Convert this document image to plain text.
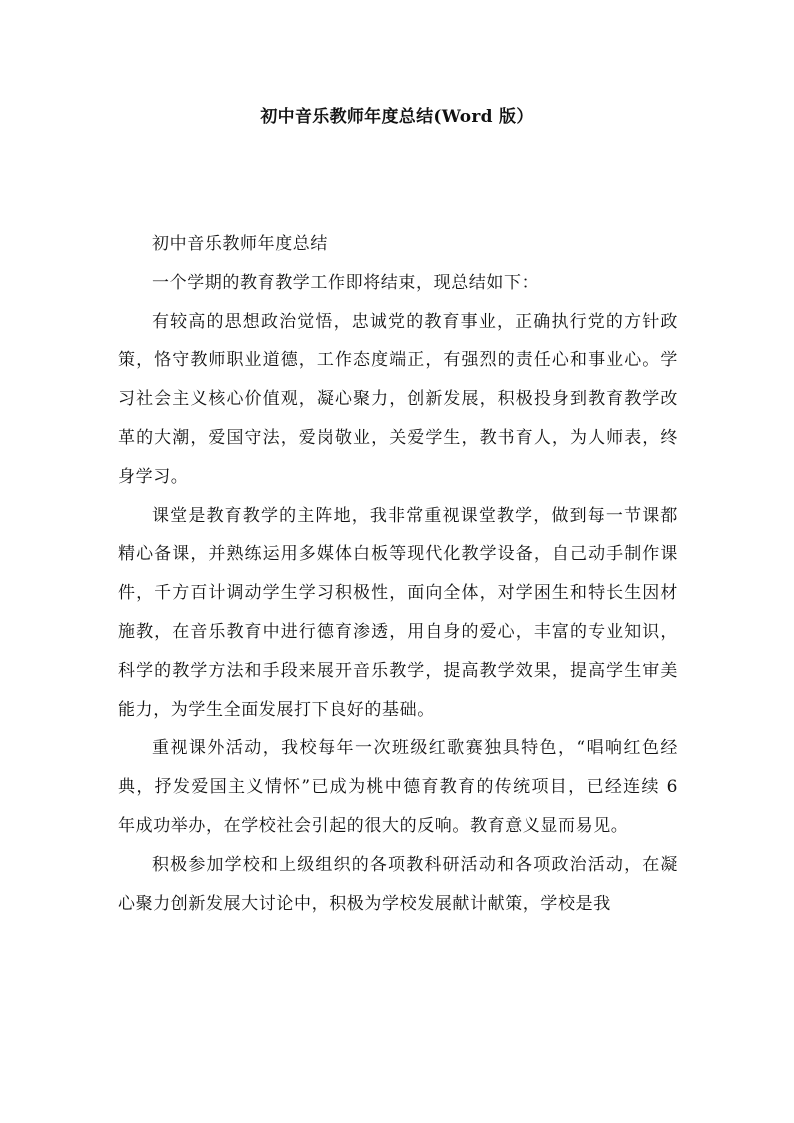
初中音乐教师年度总结(Word 版）

初中音乐教师年度总结

一个学期的教育教学工作即将结束，现总结如下：

有较高的思想政治觉悟，忠诚党的教育事业，正确执行党的方针政策，恪守教师职业道德，工作态度端正，有强烈的责任心和事业心。学习社会主义核心价值观，凝心聚力，创新发展，积极投身到教育教学改革的大潮，爱国守法，爱岗敬业，关爱学生，教书育人，为人师表，终身学习。

课堂是教育教学的主阵地，我非常重视课堂教学，做到每一节课都精心备课，并熟练运用多媒体白板等现代化教学设备，自己动手制作课件，千方百计调动学生学习积极性，面向全体，对学困生和特长生因材施教，在音乐教育中进行德育渗透，用自身的爱心，丰富的专业知识，科学的教学方法和手段来展开音乐教学，提高教学效果，提高学生审美能力，为学生全面发展打下良好的基础。

重视课外活动，我校每年一次班级红歌赛独具特色，“唱响红色经典，抒发爱国主义情怀”已成为桃中德育教育的传统项目，已经连续 6 年成功举办，在学校社会引起的很大的反响。教育意义显而易见。

积极参加学校和上级组织的各项教科研活动和各项政治活动，在凝心聚力创新发展大讨论中，积极为学校发展献计献策，学校是我
